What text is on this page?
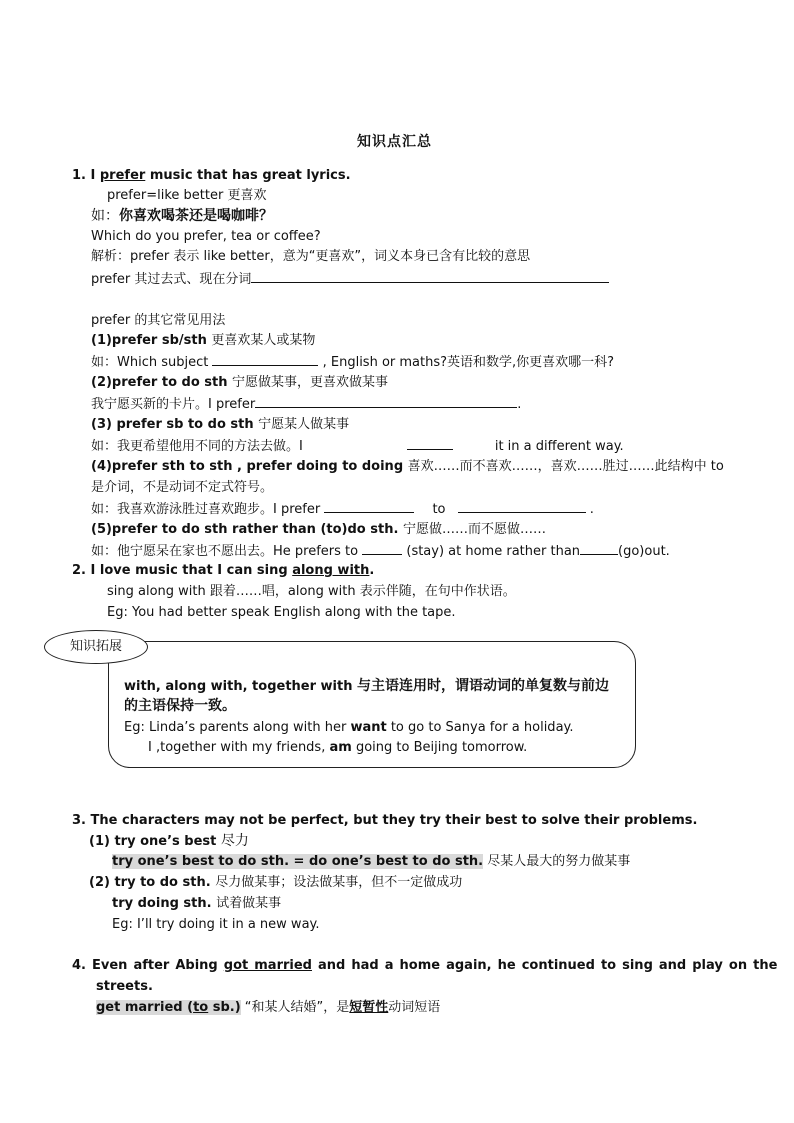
知识点汇总
1. I prefer music that has great lyrics.
prefer=like better 更喜欢
如：你喜欢喝茶还是喝咖啡？
Which do you prefer, tea or coffee?
解析：prefer 表示 like better，意为“更喜欢”，词义本身已含有比较的意思
prefer 其过去式、现在分词
prefer 的其它常见用法
(1)prefer sb/sth 更喜欢某人或某物
如：Which subject	, English or maths?英语和数学,你更喜欢哪一科?
(2)prefer to do sth 宁愿做某事，更喜欢做某事
我宁愿买新的卡片。I prefer	.
(3) prefer sb to do sth 宁愿某人做某事
如：我更希望他用不同的方法去做。I	it in a different way.
(4)prefer sth to sth , prefer doing to doing 喜欢……而不喜欢……，喜欢……胜过……此结构中 to
是介词，不是动词不定式符号。
如：我喜欢游泳胜过喜欢跑步。I prefer	to	.
(5)prefer to do sth rather than (to)do sth. 宁愿做……而不愿做……
如：他宁愿呆在家也不愿出去。He prefers to	(stay) at home rather than	(go)out.
2. I love music that I can sing along with.
sing along with 跟着……唱，along with 表示伴随，在句中作状语。
Eg: You had better speak English along with the tape.
知识拓展
with, along with, together with 与主语连用时，谓语动词的单复数与前边
的主语保持一致。
Eg: Linda’s parents along with her want to go to Sanya for a holiday.
I ,together with my friends, am going to Beijing tomorrow.
3. The characters may not be perfect, but they try their best to solve their problems.
(1) try one’s best 尽力
try one’s best to do sth. = do one’s best to do sth. 尽某人最大的努力做某事
(2) try to do sth. 尽力做某事；设法做某事，但不一定做成功
try doing sth. 试着做某事
Eg: I’ll try doing it in a new way.
4. Even after Abing got married and had a home again, he continued to sing and play on the
streets.
get married (to sb.) “和某人结婚”，是短暂性动词短语
